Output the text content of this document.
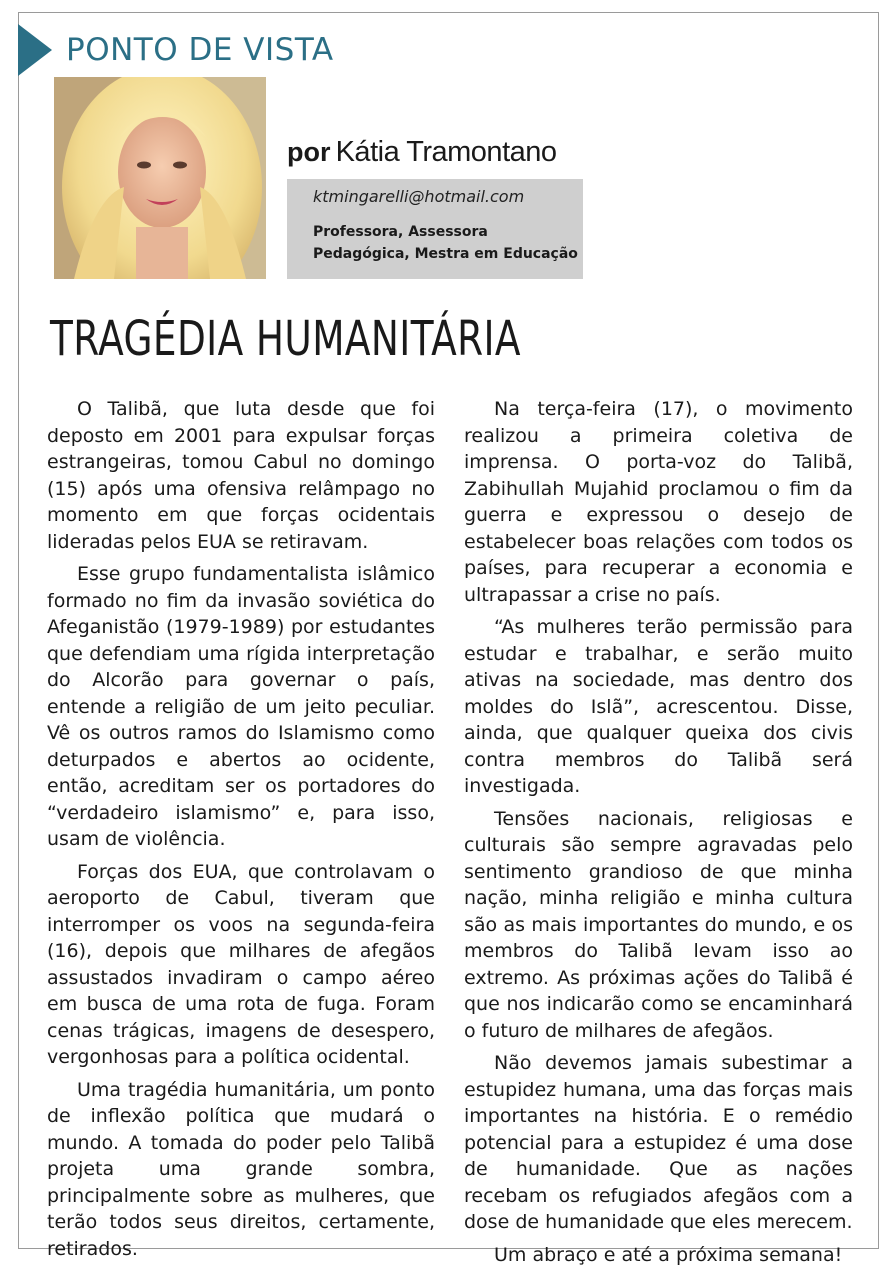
PONTO DE VISTA
por Kátia Tramontano
ktmingarelli@hotmail.com
Professora, Assessora
Pedagógica, Mestra em Educação
TRAGÉDIA HUMANITÁRIA

O Talibã, que luta desde que foi deposto em 2001 para expulsar forças estrangeiras, tomou Cabul no domingo (15) após uma ofensiva relâmpago no momento em que forças ocidentais lideradas pelos EUA se retiravam.

Esse grupo fundamentalista islâmico formado no fim da invasão soviética do Afeganistão (1979-1989) por estudantes que defendiam uma rígida interpretação do Alcorão para governar o país, entende a religião de um jeito peculiar. Vê os outros ramos do Islamismo como deturpados e abertos ao ocidente, então, acreditam ser os portadores do “verdadeiro islamismo” e, para isso, usam de violência.

Forças dos EUA, que controlavam o aeroporto de Cabul, tiveram que interromper os voos na segunda-feira (16), depois que milhares de afegãos assustados invadiram o campo aéreo em busca de uma rota de fuga. Foram cenas trágicas, imagens de desespero, vergonhosas para a política ocidental.

Uma tragédia humanitária, um ponto de inflexão política que mudará o mundo. A tomada do poder pelo Talibã projeta uma grande sombra, principalmente sobre as mulheres, que terão todos seus direitos, certamente, retirados.

Na terça-feira (17), o movimento realizou a primeira coletiva de imprensa. O porta-voz do Talibã, Zabihullah Mujahid proclamou o fim da guerra e expressou o desejo de estabelecer boas relações com todos os países, para recuperar a economia e ultrapassar a crise no país.

“As mulheres terão permissão para estudar e trabalhar, e serão muito ativas na sociedade, mas dentro dos moldes do Islã”, acrescentou. Disse, ainda, que qualquer queixa dos civis contra membros do Talibã será investigada.

Tensões nacionais, religiosas e culturais são sempre agravadas pelo sentimento grandioso de que minha nação, minha religião e minha cultura são as mais importantes do mundo, e os membros do Talibã levam isso ao extremo. As próximas ações do Talibã é que nos indicarão como se encaminhará o futuro de milhares de afegãos.

Não devemos jamais subestimar a estupidez humana, uma das forças mais importantes na história. E o remédio potencial para a estupidez é uma dose de humanidade. Que as nações recebam os refugiados afegãos com a dose de humanidade que eles merecem.

Um abraço e até a próxima semana!
